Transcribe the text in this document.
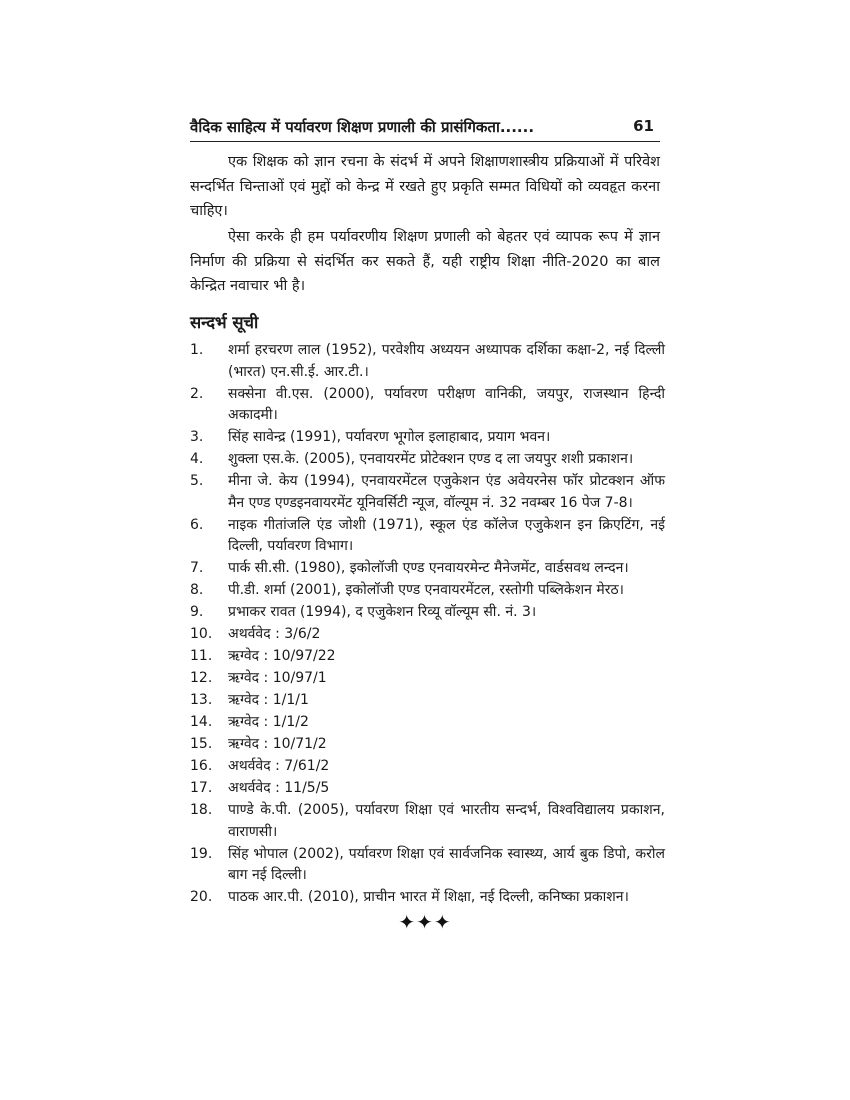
वैदिक साहित्य में पर्यावरण शिक्षण प्रणाली की प्रासंगिकता......	61

एक शिक्षक को ज्ञान रचना के संदर्भ में अपने शिक्षाणशास्त्रीय प्रक्रियाओं में परिवेश सन्दर्भित चिन्ताओं एवं मुद्दों को केन्द्र में रखते हुए प्रकृति सम्मत विधियों को व्यवहृत करना चाहिए।

ऐसा करके ही हम पर्यावरणीय शिक्षण प्रणाली को बेहतर एवं व्यापक रूप में ज्ञान निर्माण की प्रक्रिया से संदर्भित कर सकते हैं, यही राष्ट्रीय शिक्षा नीति-2020 का बाल केन्द्रित नवाचार भी है।

सन्दर्भ सूची
1.	शर्मा हरचरण लाल (1952), परवेशीय अध्ययन अध्यापक दर्शिका कक्षा-2, नई दिल्ली (भारत) एन.सी.ई. आर.टी.।
2.	सक्सेना वी.एस. (2000), पर्यावरण परीक्षण वानिकी, जयपुर, राजस्थान हिन्दी अकादमी।
3.	सिंह सावेन्द्र (1991), पर्यावरण भूगोल इलाहाबाद, प्रयाग भवन।
4.	शुक्ला एस.के. (2005), एनवायरमेंट प्रोटेक्शन एण्ड द ला जयपुर शशी प्रकाशन।
5.	मीना जे. केय (1994), एनवायरमेंटल एजुकेशन एंड अवेयरनेस फॉर प्रोटक्शन ऑफ मैन एण्ड एण्डइनवायरमेंट यूनिवर्सिटी न्यूज, वॉल्यूम नं. 32 नवम्बर 16 पेज 7-8।
6.	नाइक गीतांजलि एंड जोशी (1971), स्कूल एंड कॉलेज एजुकेशन इन क्रिएटिंग, नई दिल्ली, पर्यावरण विभाग।
7.	पार्क सी.सी. (1980), इकोलॉजी एण्ड एनवायरमेन्ट मैनेजमेंट, वार्डसवथ लन्दन।
8.	पी.डी. शर्मा (2001), इकोलॉजी एण्ड एनवायरमेंटल, रस्तोगी पब्लिकेशन मेरठ।
9.	प्रभाकर रावत (1994), द एजुकेशन रिव्यू वॉल्यूम सी. नं. 3।
10.	अथर्ववेद : 3/6/2
11.	ऋग्वेद : 10/97/22
12.	ऋग्वेद : 10/97/1
13.	ऋग्वेद : 1/1/1
14.	ऋग्वेद : 1/1/2
15.	ऋग्वेद : 10/71/2
16.	अथर्ववेद : 7/61/2
17.	अथर्ववेद : 11/5/5
18.	पाण्डे के.पी. (2005), पर्यावरण शिक्षा एवं भारतीय सन्दर्भ, विश्वविद्यालय प्रकाशन, वाराणसी।
19.	सिंह भोपाल (2002), पर्यावरण शिक्षा एवं सार्वजनिक स्वास्थ्य, आर्य बुक डिपो, करोल बाग नई दिल्ली।
20.	पाठक आर.पी. (2010), प्राचीन भारत में शिक्षा, नई दिल्ली, कनिष्का प्रकाशन।
✦✦✦
